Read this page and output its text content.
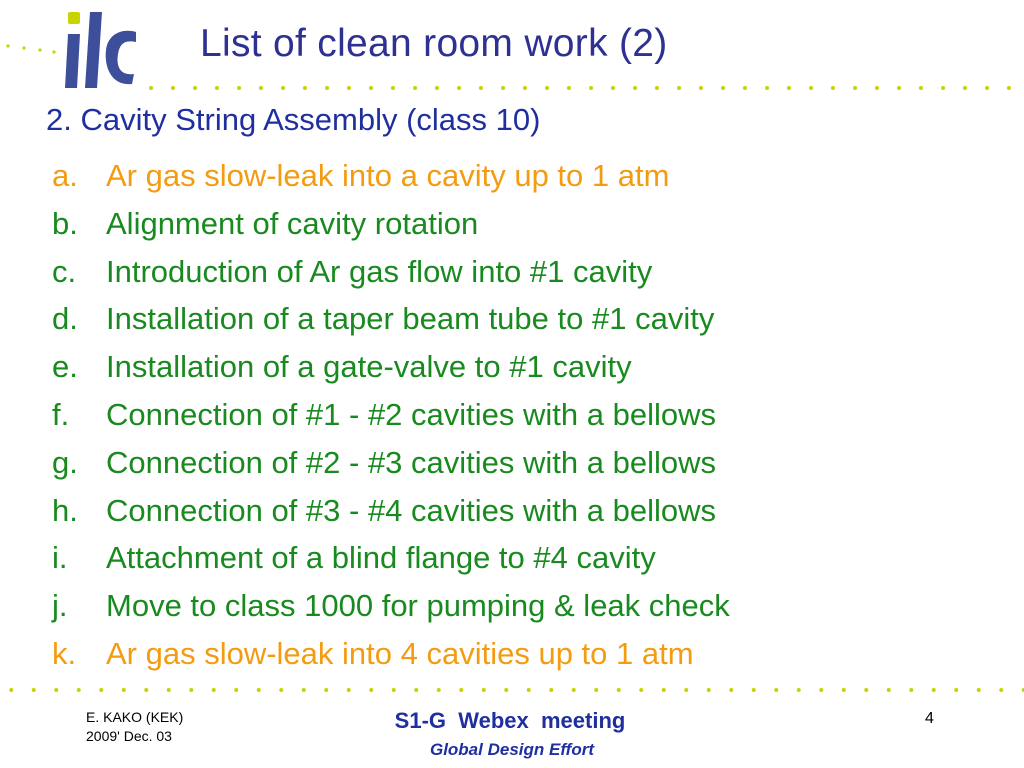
List of clean room work (2)
2. Cavity String Assembly (class 10)
a. Ar gas slow-leak into a cavity up to 1 atm
b. Alignment of cavity rotation
c. Introduction of Ar gas flow into #1 cavity
d. Installation of a taper beam tube to #1 cavity
e. Installation of a gate-valve to #1 cavity
f.	Connection of #1 - #2 cavities with a bellows
g. Connection of #2 - #3 cavities with a bellows
h. Connection of #3 - #4 cavities with a bellows
i.	Attachment of a blind flange to #4 cavity
j.	Move to class 1000 for pumping & leak check
k. Ar gas slow-leak into 4 cavities up to 1 atm
E. KAKO (KEK)
2009' Dec. 03
S1-G  Webex  meeting
Global Design Effort
4
